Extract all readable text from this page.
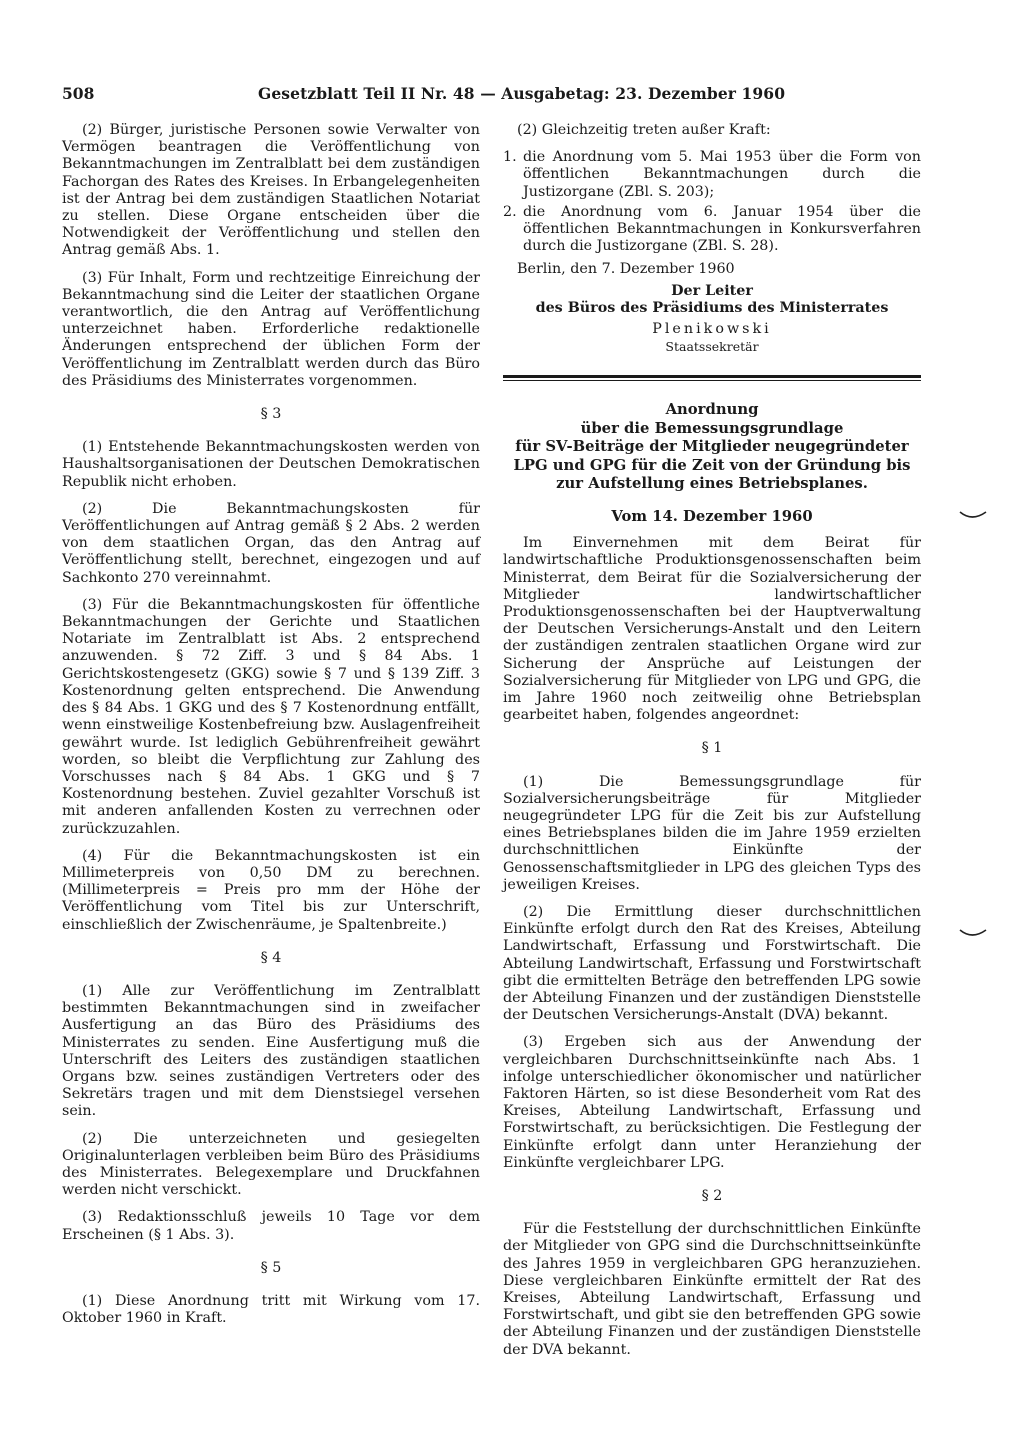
508	Gesetzblatt Teil II Nr. 48 — Ausgabetag: 23. Dezember 1960

(2) Bürger, juristische Personen sowie Verwalter von Vermögen beantragen die Veröffentlichung von Bekanntmachungen im Zentralblatt bei dem zuständigen Fachorgan des Rates des Kreises. In Erbangelegenheiten ist der Antrag bei dem zuständigen Staatlichen Notariat zu stellen. Diese Organe entscheiden über die Notwendigkeit der Veröffentlichung und stellen den Antrag gemäß Abs. 1.

(3) Für Inhalt, Form und rechtzeitige Einreichung der Bekanntmachung sind die Leiter der staatlichen Organe verantwortlich, die den Antrag auf Veröffentlichung unterzeichnet haben. Erforderliche redaktionelle Änderungen entsprechend der üblichen Form der Veröffentlichung im Zentralblatt werden durch das Büro des Präsidiums des Ministerrates vorgenommen.

§ 3

(1) Entstehende Bekanntmachungskosten werden von Haushaltsorganisationen der Deutschen Demokratischen Republik nicht erhoben.

(2) Die Bekanntmachungskosten für Veröffentlichungen auf Antrag gemäß § 2 Abs. 2 werden von dem staatlichen Organ, das den Antrag auf Veröffentlichung stellt, berechnet, eingezogen und auf Sachkonto 270 vereinnahmt.

(3) Für die Bekanntmachungskosten für öffentliche Bekanntmachungen der Gerichte und Staatlichen Notariate im Zentralblatt ist Abs. 2 entsprechend anzuwenden. § 72 Ziff. 3 und § 84 Abs. 1 Gerichtskostengesetz (GKG) sowie § 7 und § 139 Ziff. 3 Kostenordnung gelten entsprechend. Die Anwendung des § 84 Abs. 1 GKG und des § 7 Kostenordnung entfällt, wenn einstweilige Kostenbefreiung bzw. Auslagenfreiheit gewährt wurde. Ist lediglich Gebührenfreiheit gewährt worden, so bleibt die Verpflichtung zur Zahlung des Vorschusses nach § 84 Abs. 1 GKG und § 7 Kostenordnung bestehen. Zuviel gezahlter Vorschuß ist mit anderen anfallenden Kosten zu verrechnen oder zurückzuzahlen.

(4) Für die Bekanntmachungskosten ist ein Millimeterpreis von 0,50 DM zu berechnen. (Millimeterpreis = Preis pro mm der Höhe der Veröffentlichung vom Titel bis zur Unterschrift, einschließlich der Zwischenräume, je Spaltenbreite.)

§ 4

(1) Alle zur Veröffentlichung im Zentralblatt bestimmten Bekanntmachungen sind in zweifacher Ausfertigung an das Büro des Präsidiums des Ministerrates zu senden. Eine Ausfertigung muß die Unterschrift des Leiters des zuständigen staatlichen Organs bzw. seines zuständigen Vertreters oder des Sekretärs tragen und mit dem Dienstsiegel versehen sein.

(2) Die unterzeichneten und gesiegelten Originalunterlagen verbleiben beim Büro des Präsidiums des Ministerrates. Belegexemplare und Druckfahnen werden nicht verschickt.

(3) Redaktionsschluß jeweils 10 Tage vor dem Erscheinen (§ 1 Abs. 3).

§ 5

(1) Diese Anordnung tritt mit Wirkung vom 17. Oktober 1960 in Kraft.

(2) Gleichzeitig treten außer Kraft:

1. die Anordnung vom 5. Mai 1953 über die Form von öffentlichen Bekanntmachungen durch die Justizorgane (ZBl. S. 203);
2. die Anordnung vom 6. Januar 1954 über die öffentlichen Bekanntmachungen in Konkursverfahren durch die Justizorgane (ZBl. S. 28).
Berlin, den 7. Dezember 1960
Der Leiter
des Büros des Präsidiums des Ministerrates
Plenikowski
Staatssekretär
Anordnung
über die Bemessungsgrundlage
für SV-Beiträge der Mitglieder neugegründeter
LPG und GPG für die Zeit von der Gründung bis
zur Aufstellung eines Betriebsplanes.
Vom 14. Dezember 1960

Im Einvernehmen mit dem Beirat für landwirtschaftliche Produktionsgenossenschaften beim Ministerrat, dem Beirat für die Sozialversicherung der Mitglieder landwirtschaftlicher Produktionsgenossenschaften bei der Hauptverwaltung der Deutschen Versicherungs-Anstalt und den Leitern der zuständigen zentralen staatlichen Organe wird zur Sicherung der Ansprüche auf Leistungen der Sozialversicherung für Mitglieder von LPG und GPG, die im Jahre 1960 noch zeitweilig ohne Betriebsplan gearbeitet haben, folgendes angeordnet:

§ 1

(1) Die Bemessungsgrundlage für Sozialversicherungsbeiträge für Mitglieder neugegründeter LPG für die Zeit bis zur Aufstellung eines Betriebsplanes bilden die im Jahre 1959 erzielten durchschnittlichen Einkünfte der Genossenschaftsmitglieder in LPG des gleichen Typs des jeweiligen Kreises.

(2) Die Ermittlung dieser durchschnittlichen Einkünfte erfolgt durch den Rat des Kreises, Abteilung Landwirtschaft, Erfassung und Forstwirtschaft. Die Abteilung Landwirtschaft, Erfassung und Forstwirtschaft gibt die ermittelten Beträge den betreffenden LPG sowie der Abteilung Finanzen und der zuständigen Dienststelle der Deutschen Versicherungs-Anstalt (DVA) bekannt.

(3) Ergeben sich aus der Anwendung der vergleichbaren Durchschnittseinkünfte nach Abs. 1 infolge unterschiedlicher ökonomischer und natürlicher Faktoren Härten, so ist diese Besonderheit vom Rat des Kreises, Abteilung Landwirtschaft, Erfassung und Forstwirtschaft, zu berücksichtigen. Die Festlegung der Einkünfte erfolgt dann unter Heranziehung der Einkünfte vergleichbarer LPG.

§ 2

Für die Feststellung der durchschnittlichen Einkünfte der Mitglieder von GPG sind die Durchschnittseinkünfte des Jahres 1959 in vergleichbaren GPG heranzuziehen. Diese vergleichbaren Einkünfte ermittelt der Rat des Kreises, Abteilung Landwirtschaft, Erfassung und Forstwirtschaft, und gibt sie den betreffenden GPG sowie der Abteilung Finanzen und der zuständigen Dienststelle der DVA bekannt.
